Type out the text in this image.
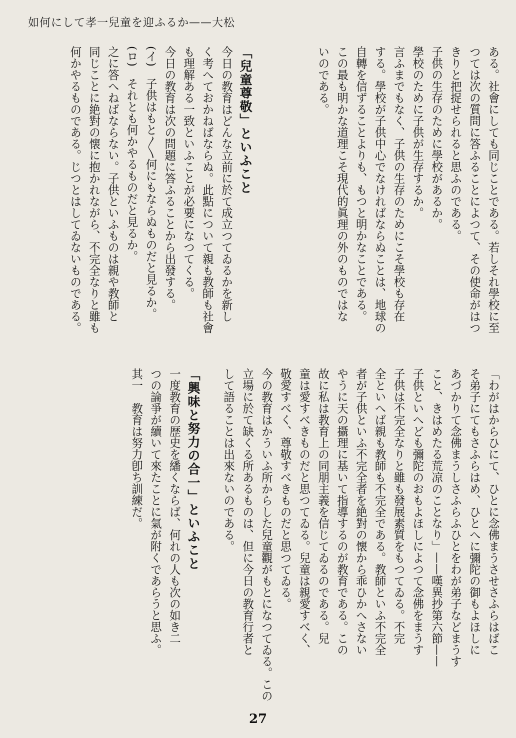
如何にして孝一兒童を迎ふるか——大松

ある。社會にしても同じことである。若しそれ學校に至

つては次の質問に答ふることによつて、その使命がはつ

きりと把捉せられると思ふのである。

子供の生存のために學校があるか。

學校のために子供が生存するか。

言ふまでもなく、子供の生存のためにこそ學校も存在

する。學校が子供中心でなければならぬことは、地球の

自轉を信ずることよりも、もつと明かなことである。

この最も明かな道理こそ現代的眞理の外のものではな

いのである。

「兒童尊敬」といふこと

今日の教育はどんな立前に於て成立つてゐるかを新し

く考へておかねばならぬ。此點について親も教師も社會

も理解ある一致といふことが必要になつてくる。

今日の教育は次の問題に答ふることから出發する。

(イ)　子供はもと〳〵何にもならぬものだと見るか。

(ロ)　それとも何かやるものだと見るか。

之に答へねばならない。子供といふものは親や教師と

同じことに絶對の懐に抱かれながら、不完全なりと雖も

何かやるものである。じつとはしてゐないものである。

「わがはからひにて、ひとに念佛まうさせさふらはばこ

そ弟子にてもさふらはめ、ひとへに彌陀の御もよほしに

あづかりて念佛まうしさふらふひとをわが弟子などまうす

こと、きはめたる荒凉のことなり」——嘆異抄第六節——

子供といへども彌陀のおもよほしによつて念佛をまうす

子供は不完全なりと雖も發展素質をもつてゐる。不完

全といへば親も教師も不完全である。教師といふ不完全

者が子供といふ不完全者を絶對の懐から乖ひかへさない

やうに天の攝理に基いて指導するのが教育である。この

故に私は教育上の同朋主義を信じてゐるのである。兒

童は愛すべきものだと思つてゐる。兒童は親愛すべく、

敬愛すべく、尊敬すべきものだと思つてゐる。

今の教育はかういふ所からした兒童觀がもとになつてゐる。この

立場に於て缺くる所あるものは、但に今日の教育行者と

して語ることは出來ないのである。

「興味と努力の合一」といふこと

一度教育の歴史を繙くならば、何れの人も次の如き二

つの論爭が續いて來たことに氣が附くであらうと思ふ。

其一　教育は努力卽ち訓練だ。

27
